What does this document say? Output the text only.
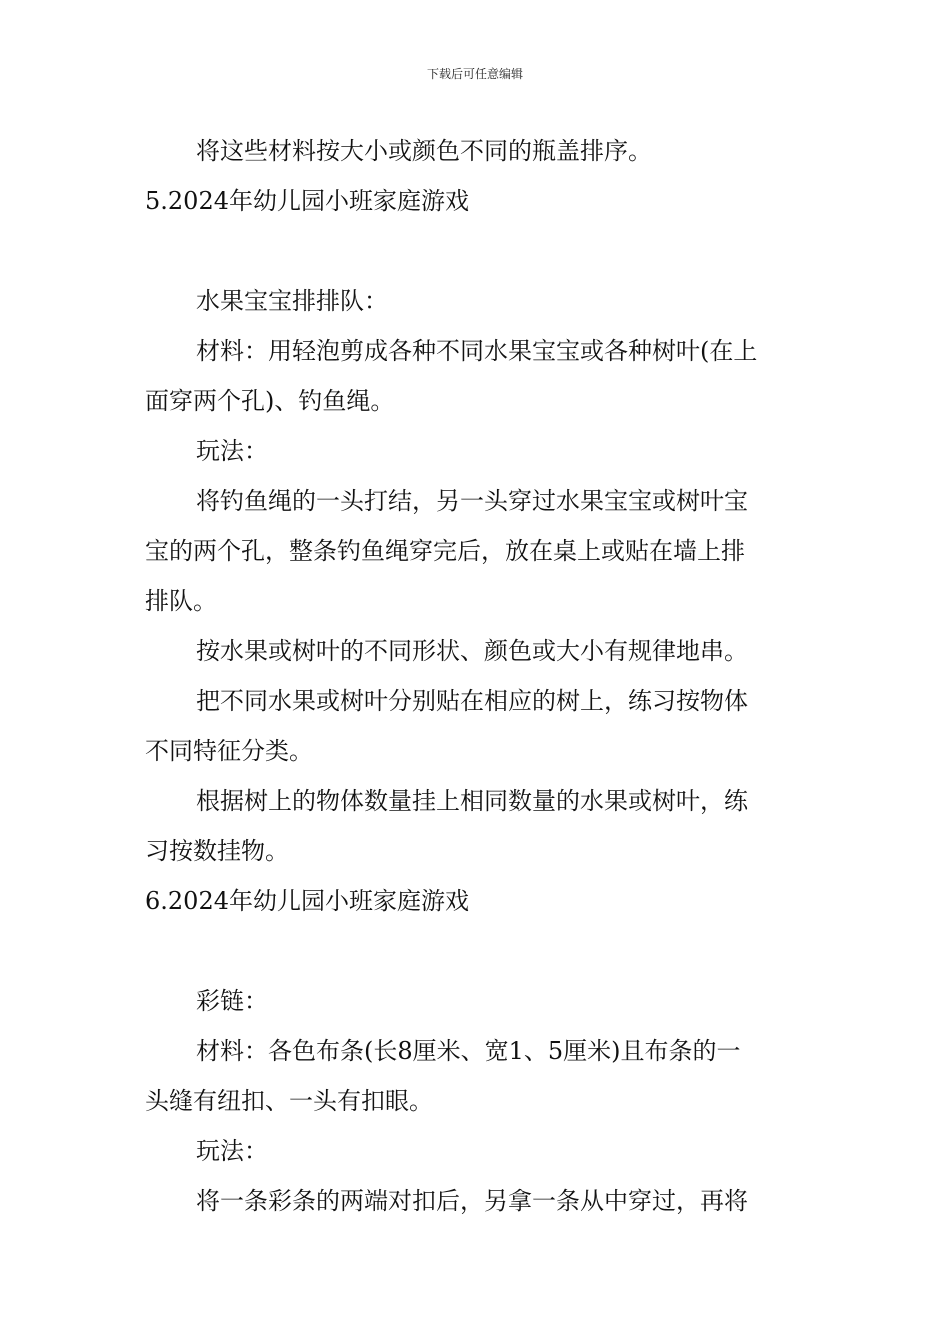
下载后可任意编辑
将这些材料按大小或颜色不同的瓶盖排序。
5.2024年幼儿园小班家庭游戏
水果宝宝排排队：
材料：用轻泡剪成各种不同水果宝宝或各种树叶(在上
面穿两个孔)、钓鱼绳。
玩法：
将钓鱼绳的一头打结，另一头穿过水果宝宝或树叶宝
宝的两个孔，整条钓鱼绳穿完后，放在桌上或贴在墙上排
排队。
按水果或树叶的不同形状、颜色或大小有规律地串。
把不同水果或树叶分别贴在相应的树上，练习按物体
不同特征分类。
根据树上的物体数量挂上相同数量的水果或树叶，练
习按数挂物。
6.2024年幼儿园小班家庭游戏
彩链：
材料：各色布条(长8厘米、宽1、5厘米)且布条的一
头缝有纽扣、一头有扣眼。
玩法：
将一条彩条的两端对扣后，另拿一条从中穿过，再将
